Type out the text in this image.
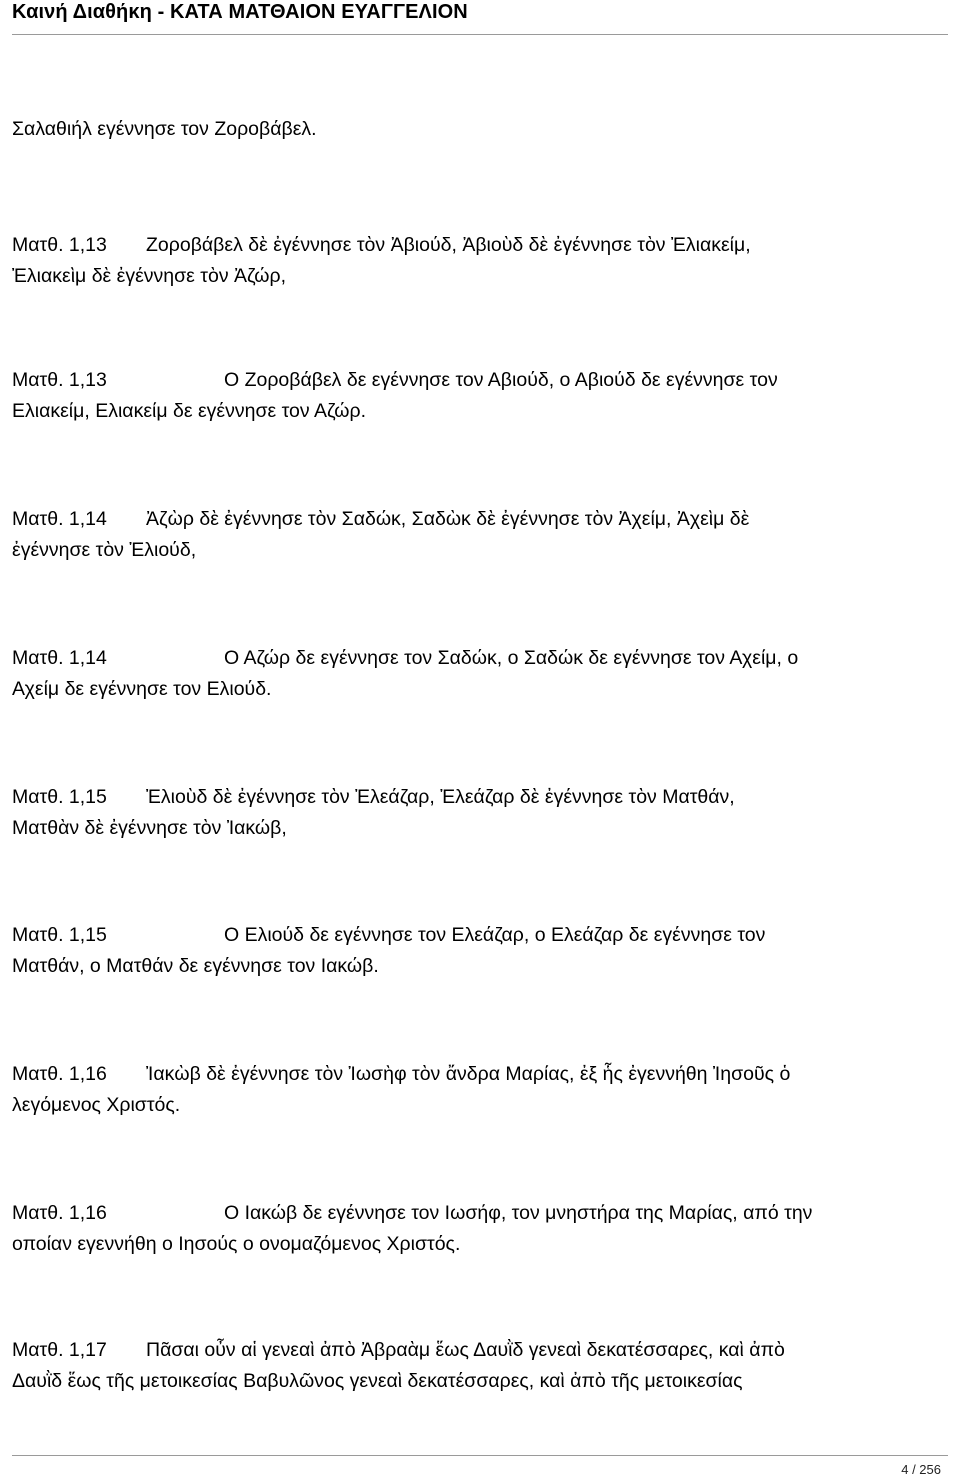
Καινή Διαθήκη - ΚΑΤΑ ΜΑΤΘΑΙΟΝ ΕΥΑΓΓΕΛΙΟΝ
Σαλαθιήλ εγέννησε τον Ζοροβάβελ.
Ματθ. 1,13 Ζοροβάβελ δὲ ἐγέννησε τὸν Ἀβιούδ, Ἀβιοὺδ δὲ ἐγέννησε τὸν Ἐλιακείμ,
Ἐλιακεὶμ δὲ ἐγέννησε τὸν Ἀζώρ,
Ματθ. 1,13	Ο Ζοροβάβελ δε εγέννησε τον Αβιούδ, ο Αβιούδ δε εγέννησε τον
Ελιακείμ, Ελιακείμ δε εγέννησε τον Αζώρ.
Ματθ. 1,14 Ἀζὼρ δὲ ἐγέννησε τὸν Σαδώκ, Σαδὼκ δὲ ἐγέννησε τὸν Ἀχείμ, Ἀχεὶμ δὲ
ἐγέννησε τὸν Ἐλιούδ,
Ματθ. 1,14	Ο Αζώρ δε εγέννησε τον Σαδώκ, ο Σαδώκ δε εγέννησε τον Αχείμ, ο
Αχείμ δε εγέννησε τον Ελιούδ.
Ματθ. 1,15 Ἐλιοὺδ δὲ ἐγέννησε τὸν Ἐλεάζαρ, Ἐλεάζαρ δὲ ἐγέννησε τὸν Ματθάν,
Ματθὰν δὲ ἐγέννησε τὸν Ἰακώβ,
Ματθ. 1,15	Ο Ελιούδ δε εγέννησε τον Ελεάζαρ, ο Ελεάζαρ δε εγέννησε τον
Ματθάν, ο Ματθάν δε εγέννησε τον Ιακώβ.
Ματθ. 1,16 Ἰακὼβ δὲ ἐγέννησε τὸν Ἰωσὴφ τὸν ἄνδρα Μαρίας, ἐξ ἧς ἐγεννήθη Ἰησοῦς ὁ
λεγόμενος Χριστός.
Ματθ. 1,16	Ο Ιακώβ δε εγέννησε τον Ιωσήφ, τον μνηστήρα της Μαρίας, από την
οποίαν εγεννήθη ο Ιησούς ο ονομαζόμενος Χριστός.
Ματθ. 1,17 Πᾶσαι οὖν αἱ γενεαὶ ἀπὸ Ἀβραὰμ ἕως Δαυῒδ γενεαὶ δεκατέσσαρες, καὶ ἀπὸ
Δαυῒδ ἕως τῆς μετοικεσίας Βαβυλῶνος γενεαὶ δεκατέσσαρες, καὶ ἀπὸ τῆς μετοικεσίας
4 / 256
